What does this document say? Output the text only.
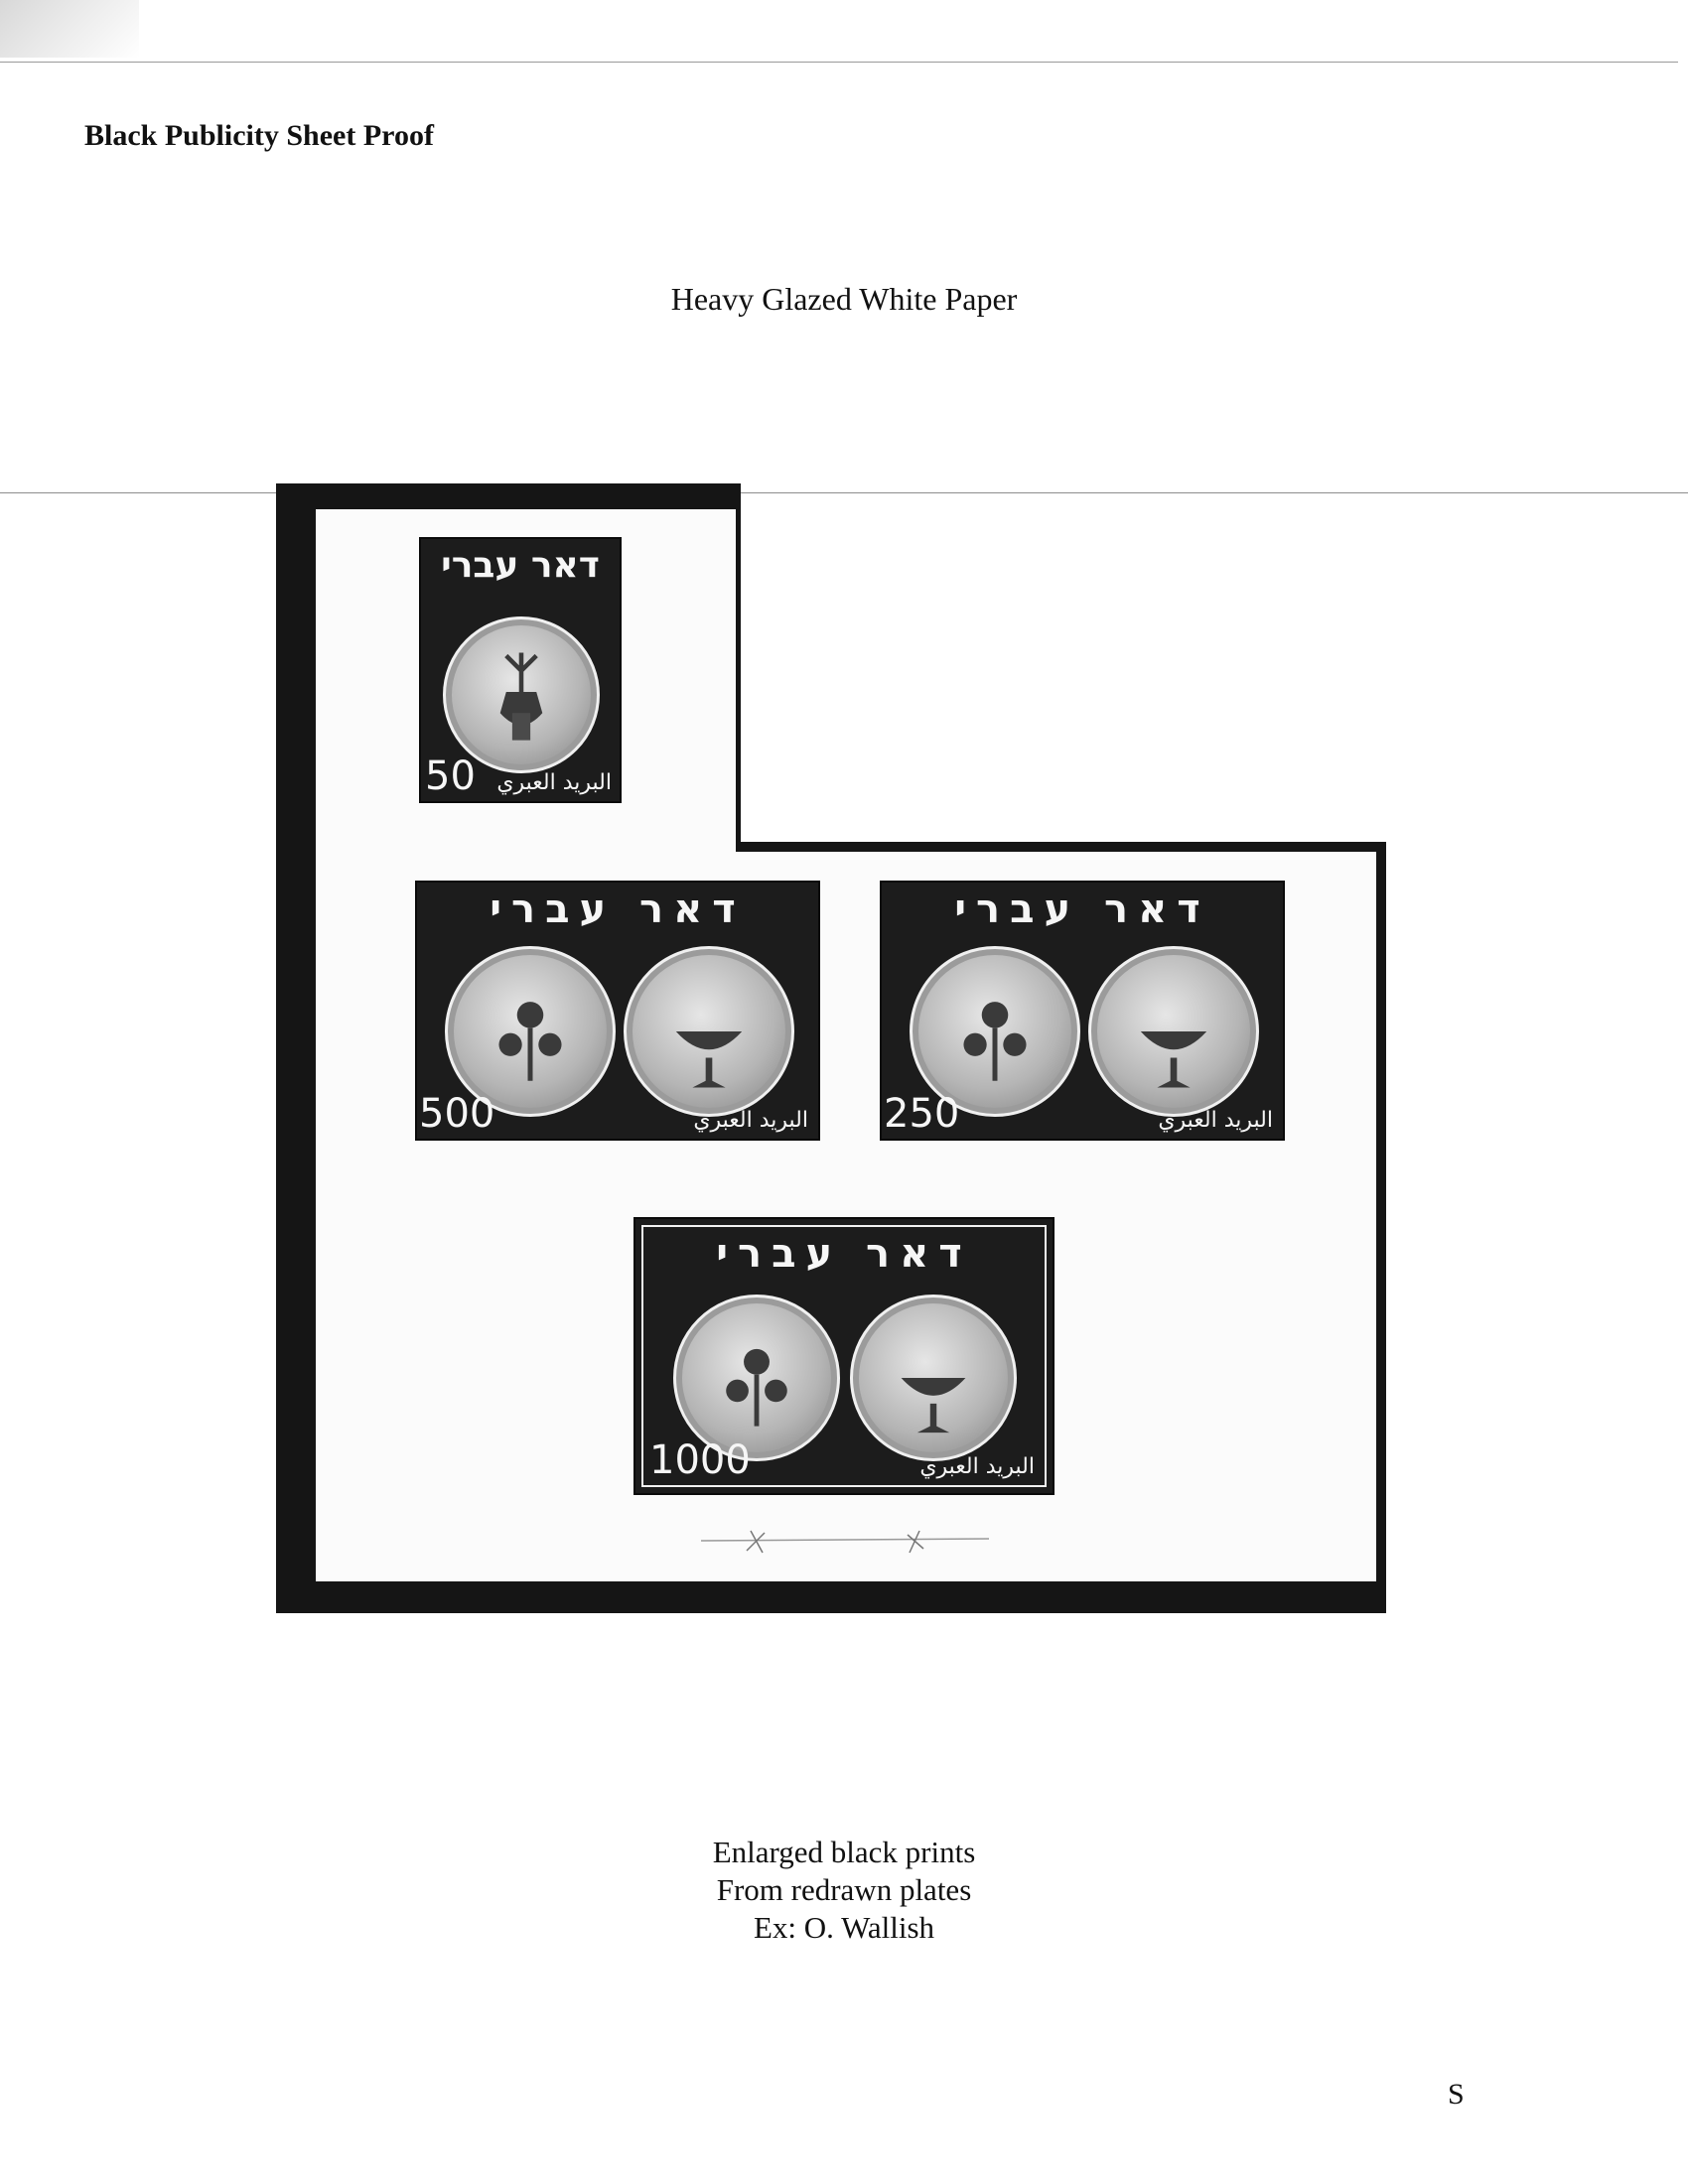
Black Publicity Sheet Proof
Heavy Glazed White Paper
דאר עברי
50 البريد العبري
דאר עברי
500	البريد العبري
דאר עברי
250	البريد العبري
דאר עברי
1000	البريد العبري
Enlarged black prints
From redrawn plates
Ex: O. Wallish
S
